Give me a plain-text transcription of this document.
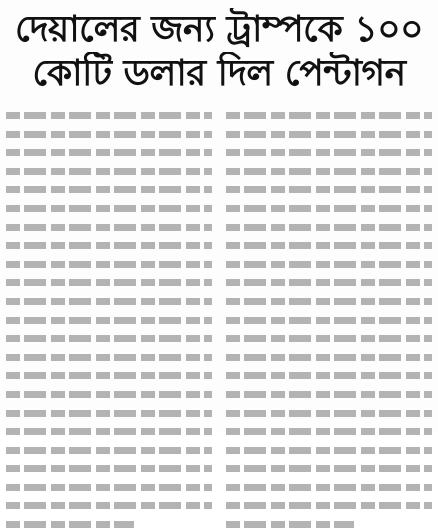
দেয়ালের জন্য ট্রাম্পকে ১০০
কোটি ডলার দিল পেন্টাগন
